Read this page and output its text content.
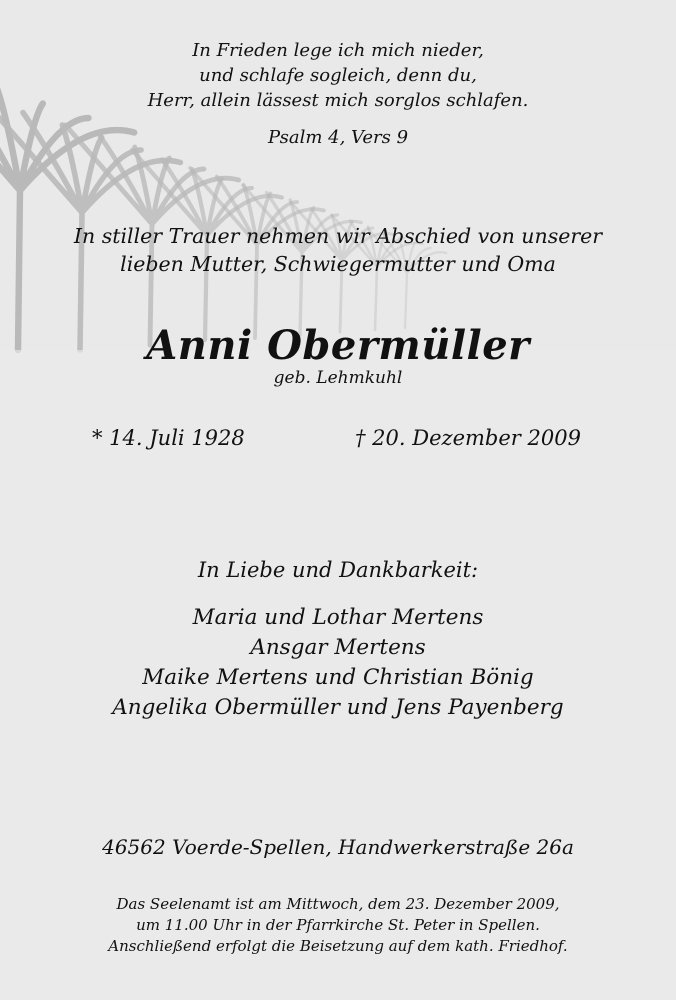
In Frieden lege ich mich nieder,
und schlafe sogleich, denn du,
Herr, allein lässest mich sorglos schlafen.
Psalm 4, Vers 9
In stiller Trauer nehmen wir Abschied von unserer
lieben Mutter, Schwiegermutter und Oma
Anni Obermüller
geb. Lehmkuhl
* 14. Juli 1928	† 20. Dezember 2009
In Liebe und Dankbarkeit:
Maria und Lothar Mertens
Ansgar Mertens
Maike Mertens und Christian Bönig
Angelika Obermüller und Jens Payenberg
46562 Voerde-Spellen, Handwerkerstraße 26a
Das Seelenamt ist am Mittwoch, dem 23. Dezember 2009,
um 11.00 Uhr in der Pfarrkirche St. Peter in Spellen.
Anschließend erfolgt die Beisetzung auf dem kath. Friedhof.
